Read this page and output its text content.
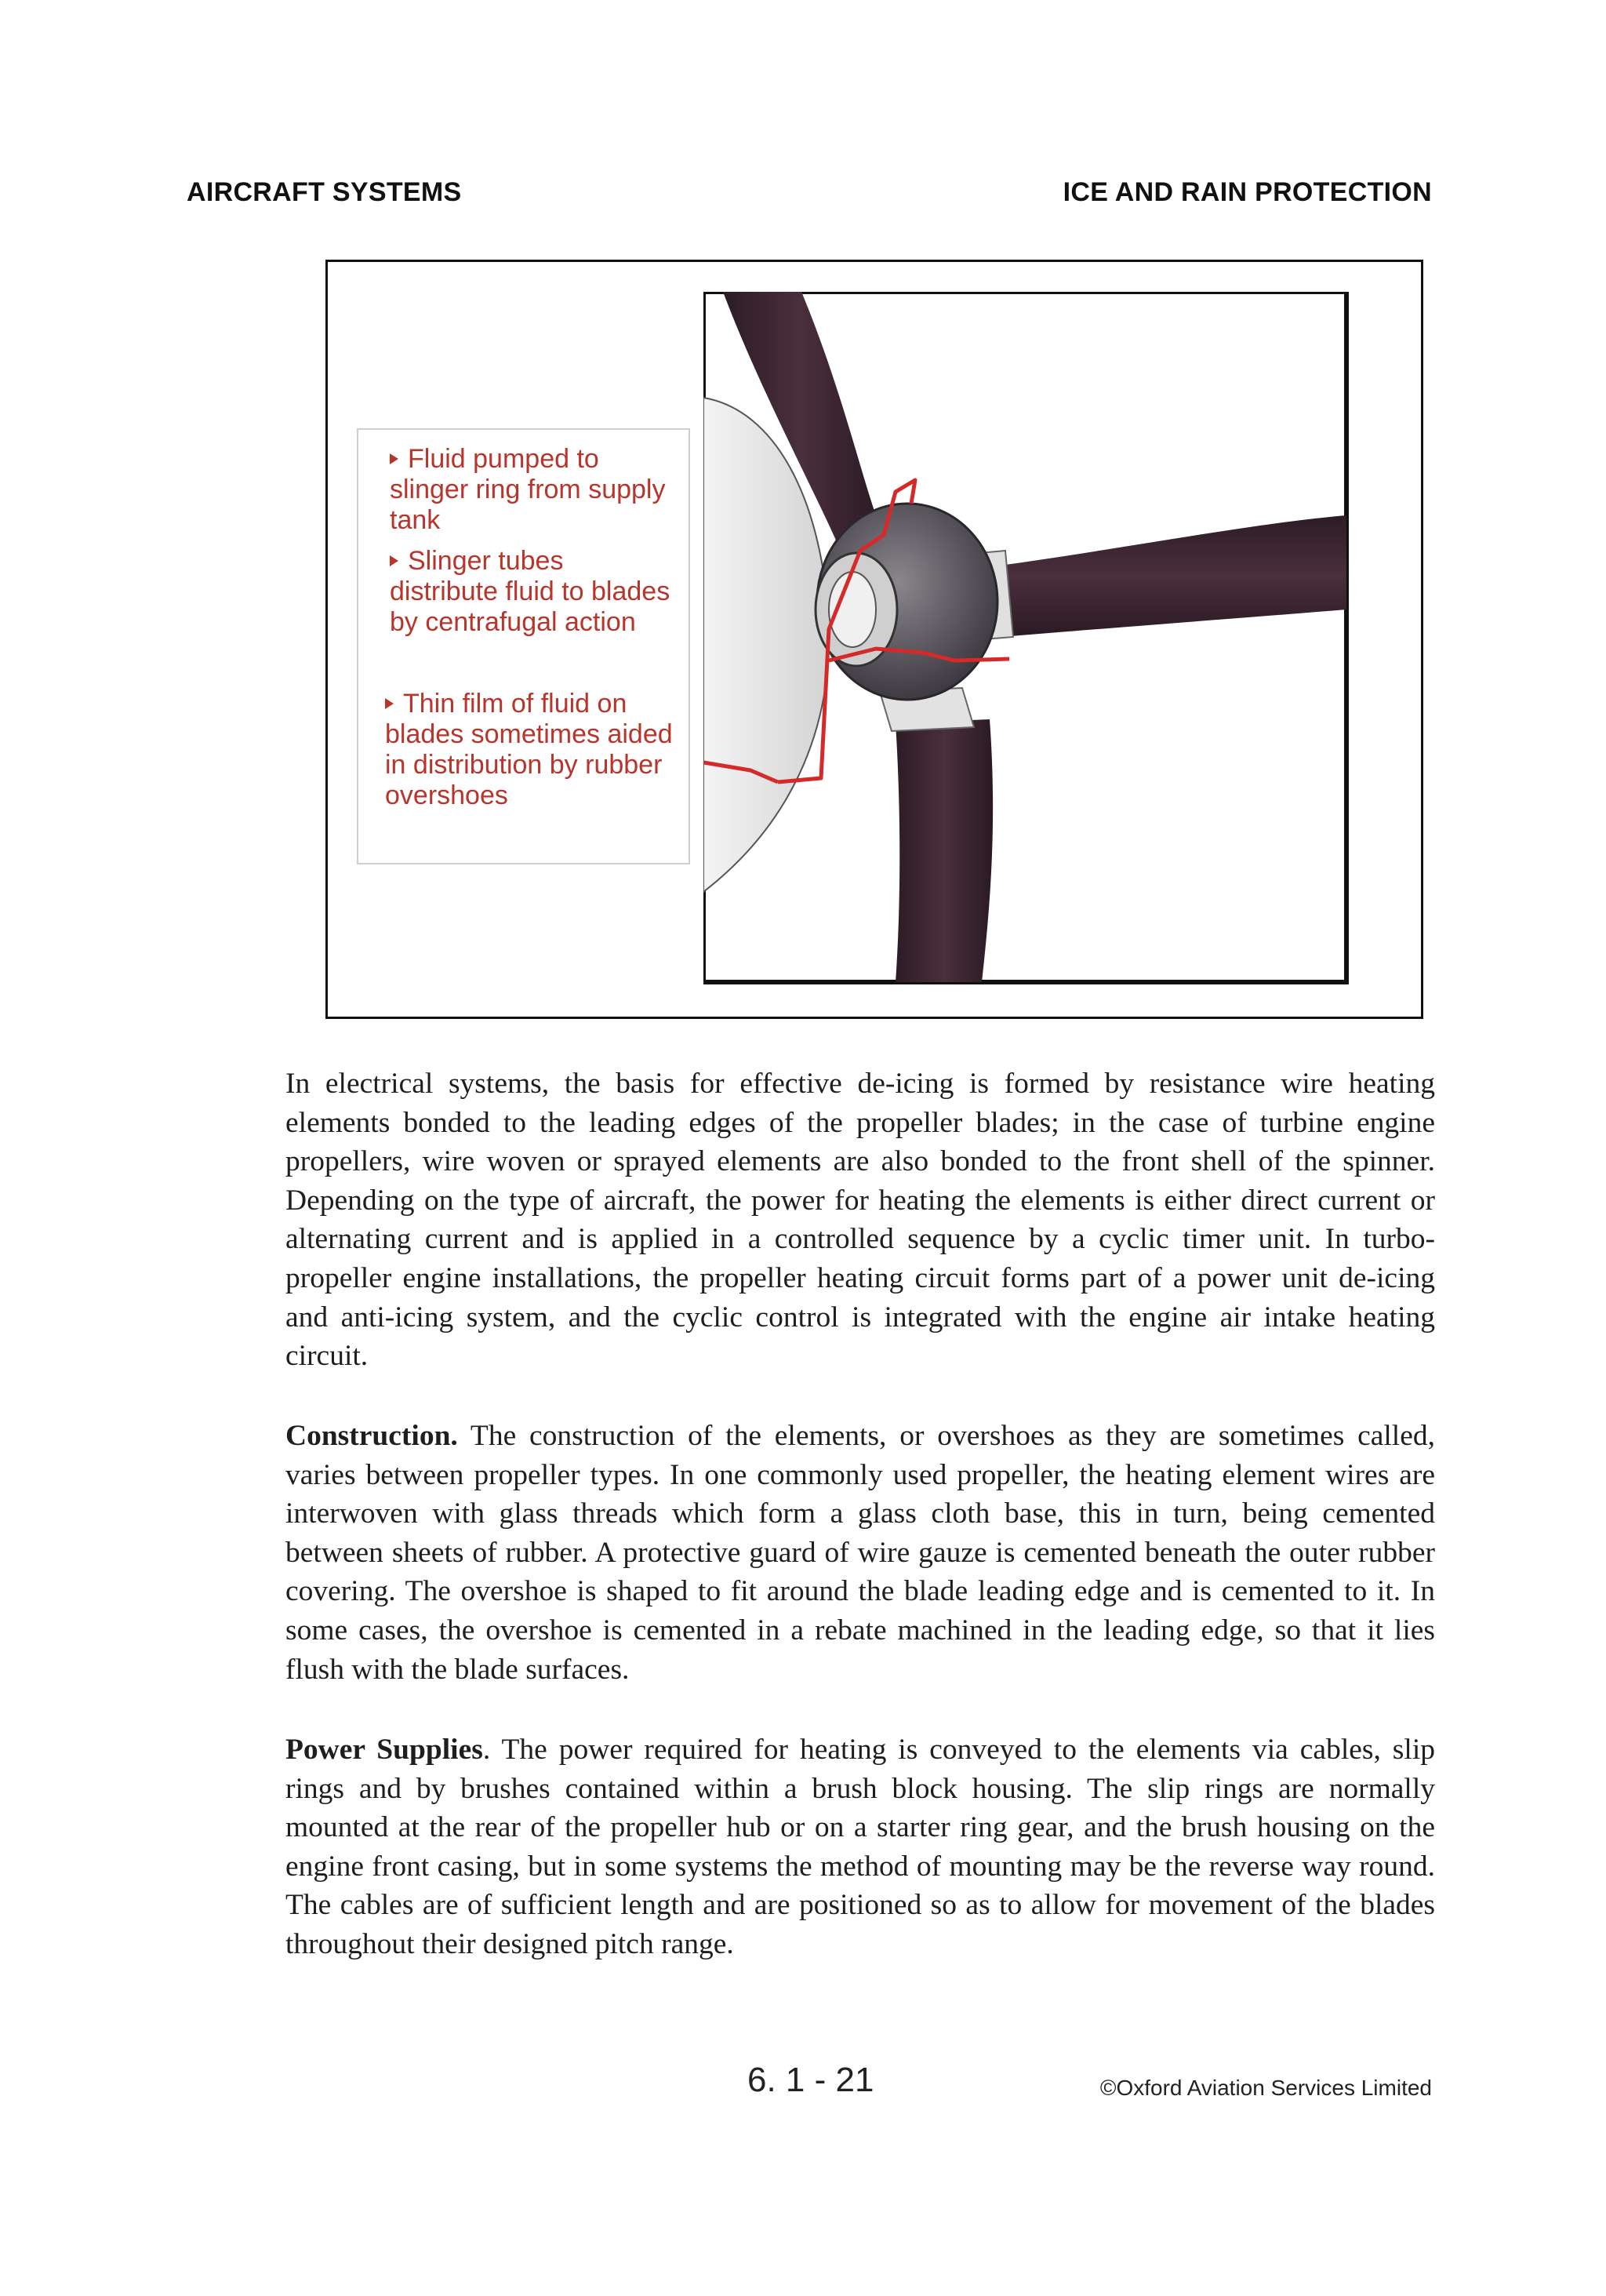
AIRCRAFT SYSTEMS	ICE AND RAIN PROTECTION

Fluid pumped to slinger ring from supply tank

Slinger tubes distribute fluid to blades by centrafugal action

Thin film of fluid on blades sometimes aided in distribution by rubber overshoes

In electrical systems, the basis for effective de-icing is formed by resistance wire heating elements bonded to the leading edges of the propeller blades; in the case of turbine engine propellers, wire woven or sprayed elements are also bonded to the front shell of the spinner. Depending on the type of aircraft, the power for heating the elements is either direct current or alternating current and is applied in a controlled sequence by a cyclic timer unit. In turbo-propeller engine installations, the propeller heating circuit forms part of a power unit de-icing and anti-icing system, and the cyclic control is integrated with the engine air intake heating circuit.

Construction. The construction of the elements, or overshoes as they are sometimes called, varies between propeller types. In one commonly used propeller, the heating element wires are interwoven with glass threads which form a glass cloth base, this in turn, being cemented between sheets of rubber. A protective guard of wire gauze is cemented beneath the outer rubber covering. The overshoe is shaped to fit around the blade leading edge and is cemented to it. In some cases, the overshoe is cemented in a rebate machined in the leading edge, so that it lies flush with the blade surfaces.

Power Supplies. The power required for heating is conveyed to the elements via cables, slip rings and by brushes contained within a brush block housing. The slip rings are normally mounted at the rear of the propeller hub or on a starter ring gear, and the brush housing on the engine front casing, but in some systems the method of mounting may be the reverse way round. The cables are of sufficient length and are positioned so as to allow for movement of the blades throughout their designed pitch range.

6. 1 - 21	©Oxford Aviation Services Limited
